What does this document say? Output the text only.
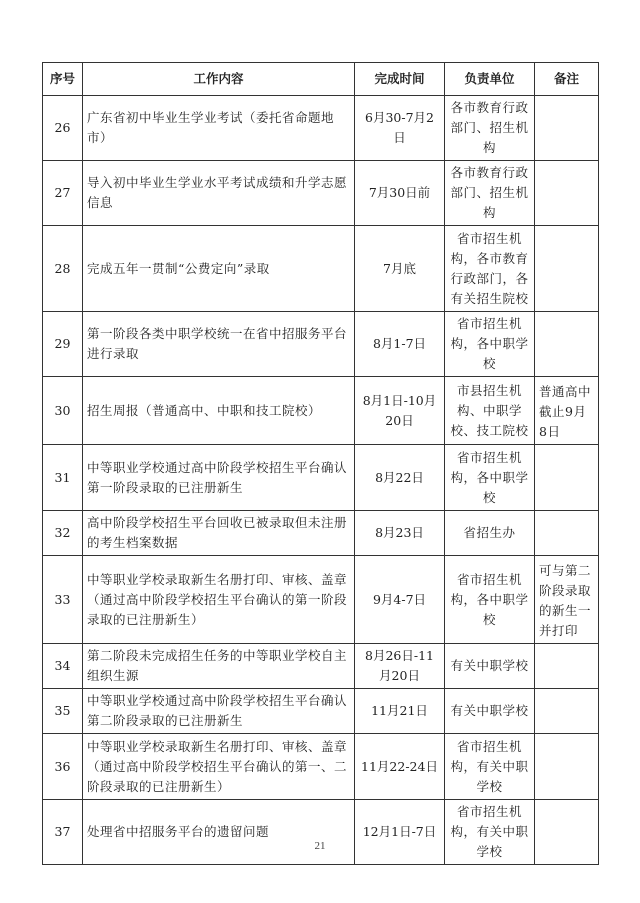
序号	工作内容	完成时间	负责单位	备注
26	广东省初中毕业生学业考试（委托省命题地市）	6月30-7月2日	各市教育行政部门、招生机构	
27	导入初中毕业生学业水平考试成绩和升学志愿信息	7月30日前	各市教育行政部门、招生机构	
28	完成五年一贯制“公费定向”录取	7月底	省市招生机构，各市教育行政部门，各有关招生院校	
29	第一阶段各类中职学校统一在省中招服务平台进行录取	8月1-7日	省市招生机构，各中职学校	
30	招生周报（普通高中、中职和技工院校）	8月1日-10月20日	市县招生机构、中职学校、技工院校	普通高中截止9月8日
31	中等职业学校通过高中阶段学校招生平台确认第一阶段录取的已注册新生	8月22日	省市招生机构，各中职学校	
32	高中阶段学校招生平台回收已被录取但未注册的考生档案数据	8月23日	省招生办	
33	中等职业学校录取新生名册打印、审核、盖章（通过高中阶段学校招生平台确认的第一阶段录取的已注册新生）	9月4-7日	省市招生机构，各中职学校	可与第二阶段录取的新生一并打印
34	第二阶段未完成招生任务的中等职业学校自主组织生源	8月26日-11月20日	有关中职学校	
35	中等职业学校通过高中阶段学校招生平台确认第二阶段录取的已注册新生	11月21日	有关中职学校	
36	中等职业学校录取新生名册打印、审核、盖章（通过高中阶段学校招生平台确认的第一、二阶段录取的已注册新生）	11月22-24日	省市招生机构，有关中职学校	
37	处理省中招服务平台的遗留问题	12月1日-7日	省市招生机构，有关中职学校	
21
